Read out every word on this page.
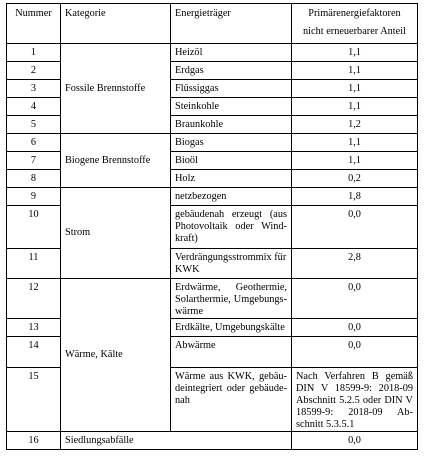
Nummer	Kategorie	Energieträger	Primärenergiefaktoren
nicht erneuerbarer Anteil

1	Fossile Brennstoffe	Heizöl	1,1
2		Erdgas	1,1
3		Flüssiggas	1,1
4		Steinkohle	1,1
5		Braunkohle	1,2
6	Biogene Brennstoffe	Biogas	1,1
7		Bioöl	1,1
8		Holz	0,2
9	Strom	netzbezogen	1,8
10		gebäudenah erzeugt (aus Photovoltaik oder Wind-kraft)	0,0
11		Verdrängungsstrommix für KWK	2,8
12	Wärme, Kälte	Erdwärme, Geothermie, Solarthermie, Umgebungs-wärme	0,0
13		Erdkälte, Umgebungskälte	0,0
14		Abwärme	0,0
15		Wärme aus KWK, gebäu-deintegriert oder gebäude-nah	Nach Verfahren B gemäß DIN V 18599-9: 2018-09 Abschnitt 5.2.5 oder DIN V 18599-9: 2018-09 Ab-schnitt 5.3.5.1
16	Siedlungsabfälle		0,0
